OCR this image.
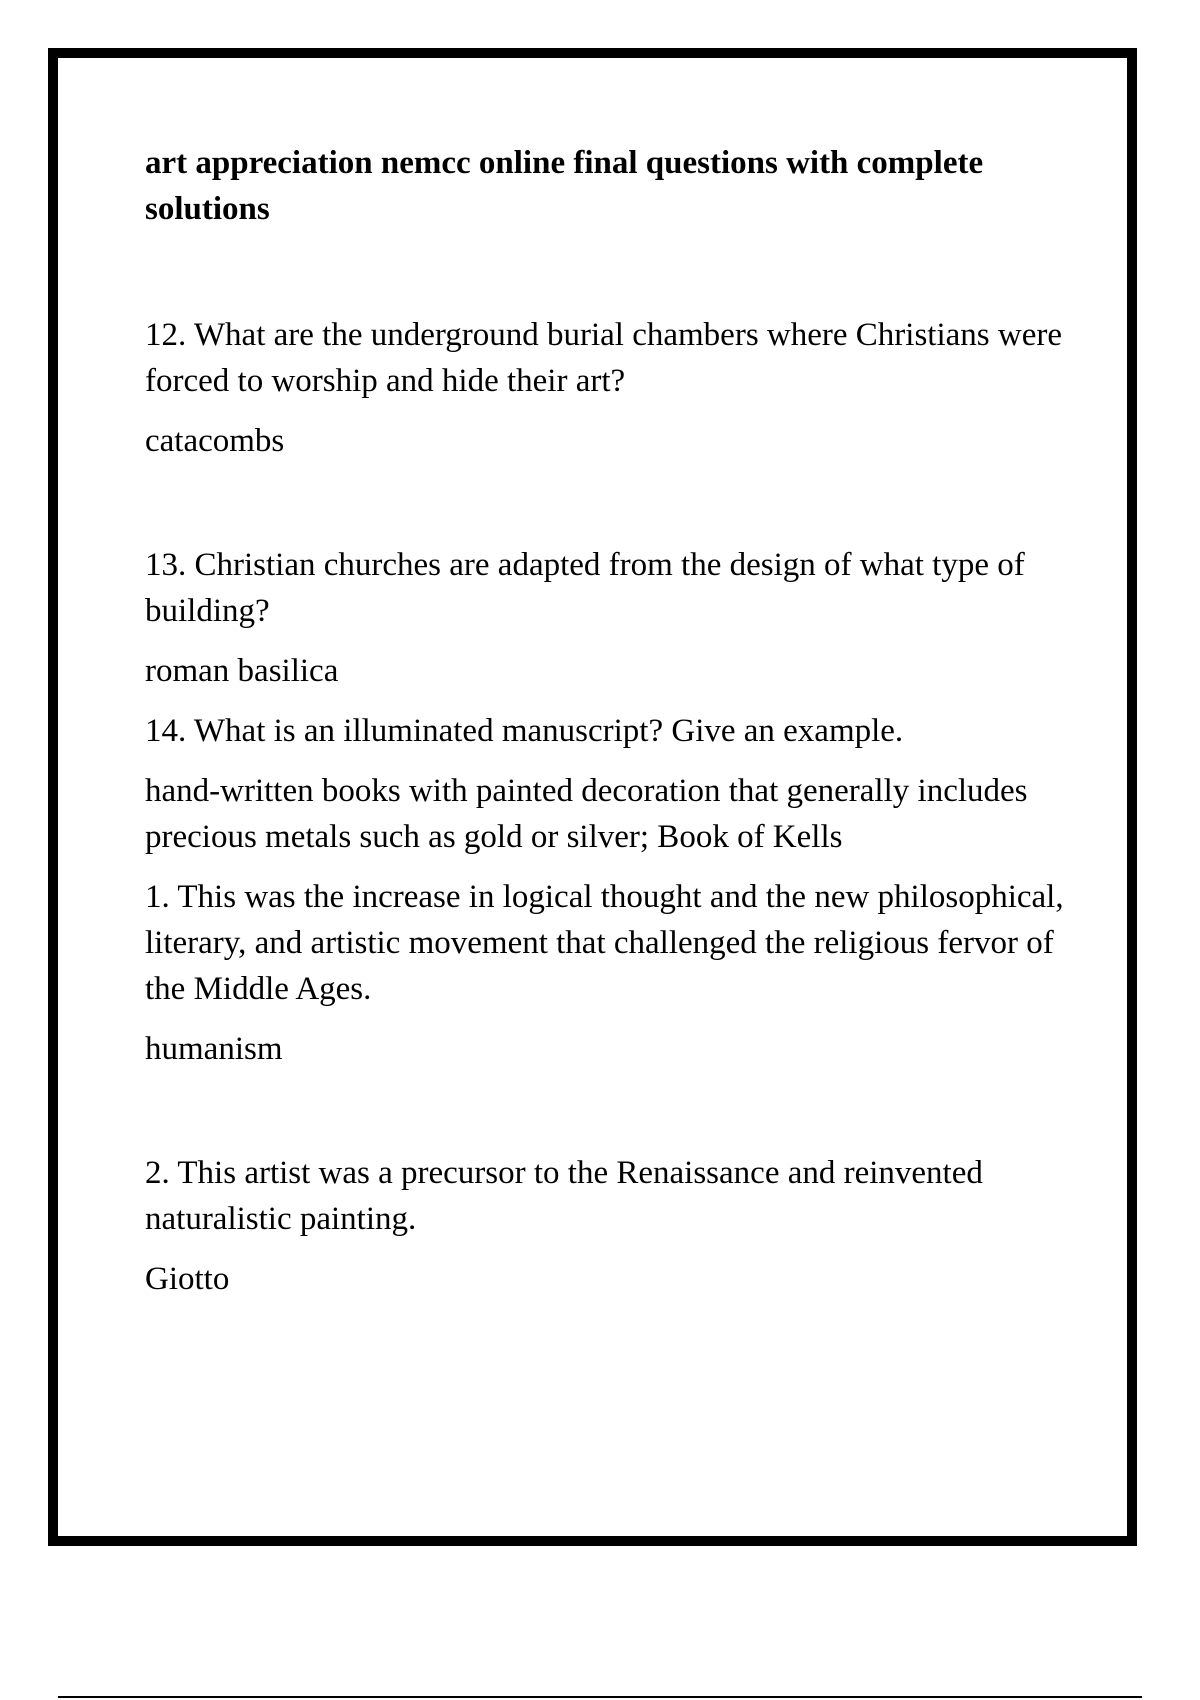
art appreciation nemcc online final questions with complete solutions

12. What are the underground burial chambers where Christians were forced to worship and hide their art?

catacombs

13. Christian churches are adapted from the design of what type of building?

roman basilica

14. What is an illuminated manuscript? Give an example.

hand-written books with painted decoration that generally includes precious metals such as gold or silver; Book of Kells

1. This was the increase in logical thought and the new philosophical, literary, and artistic movement that challenged the religious fervor of the Middle Ages.

humanism

2. This artist was a precursor to the Renaissance and reinvented naturalistic painting.

Giotto
